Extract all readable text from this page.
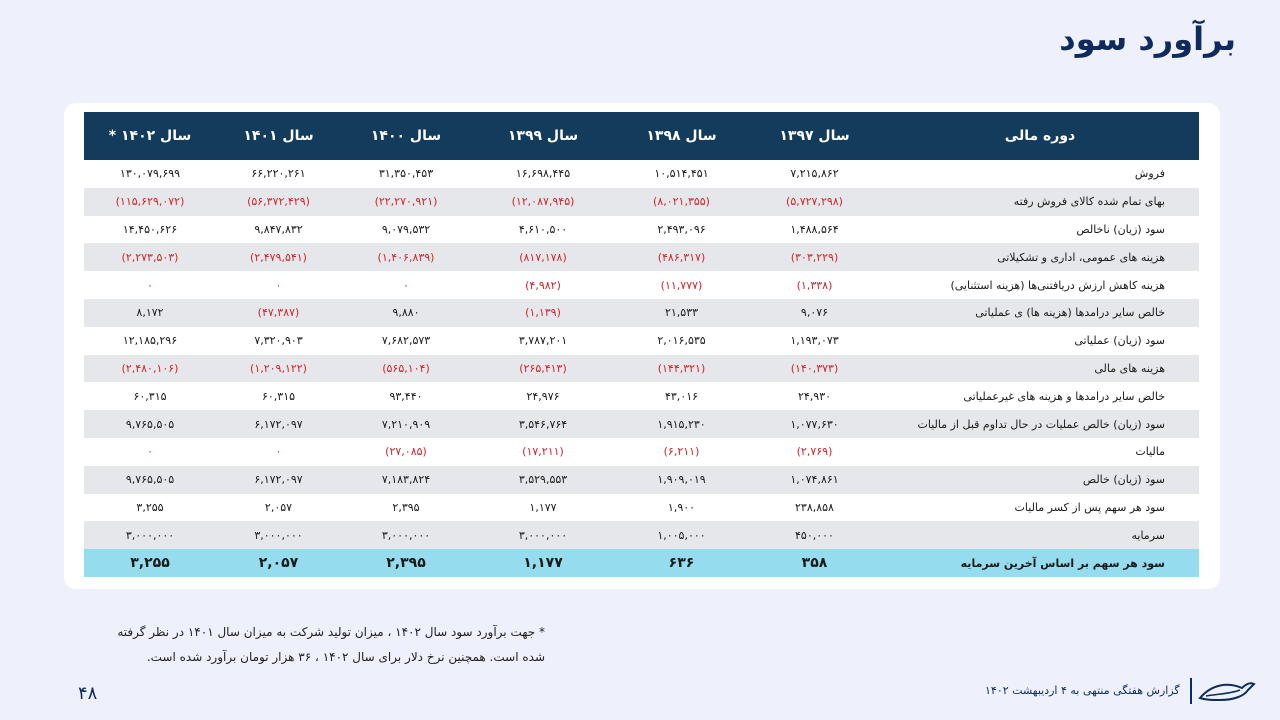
برآورد سود
دوره مالی	سال ۱۳۹۷	سال ۱۳۹۸	سال ۱۳۹۹	سال ۱۴۰۰	سال ۱۴۰۱	سال ۱۴۰۲ *
فروش	۷,۲۱۵,۸۶۲	۱۰,۵۱۴,۴۵۱	۱۶,۶۹۸,۴۴۵	۳۱,۳۵۰,۴۵۳	۶۶,۲۲۰,۲۶۱	۱۳۰,۰۷۹,۶۹۹
بهای تمام شده کالای فروش رفته	(۵,۷۲۷,۲۹۸)	(۸,۰۲۱,۳۵۵)	(۱۲,۰۸۷,۹۴۵)	(۲۲,۲۷۰,۹۲۱)	(۵۶,۳۷۲,۴۲۹)	(۱۱۵,۶۲۹,۰۷۲)
سود (زیان) ناخالص	۱,۴۸۸,۵۶۴	۲,۴۹۳,۰۹۶	۴,۶۱۰,۵۰۰	۹,۰۷۹,۵۳۲	۹,۸۴۷,۸۳۲	۱۴,۴۵۰,۶۲۶
هزینه های عمومی، اداری و تشکیلاتی	(۳۰۳,۲۲۹)	(۴۸۶,۳۱۷)	(۸۱۷,۱۷۸)	(۱,۴۰۶,۸۳۹)	(۲,۴۷۹,۵۴۱)	(۲,۲۷۳,۵۰۳)
هزینه کاهش ارزش دریافتنی‌ها (هزینه استثنایی)	(۱,۳۳۸)	(۱۱,۷۷۷)	(۴,۹۸۲)	۰	۰	۰
خالص سایر درامدها (هزینه ها) ی عملیاتی	۹,۰۷۶	۲۱,۵۳۳	(۱,۱۳۹)	۹,۸۸۰	(۴۷,۳۸۷)	۸,۱۷۲
سود (زیان) عملیاتی	۱,۱۹۳,۰۷۳	۲,۰۱۶,۵۳۵	۳,۷۸۷,۲۰۱	۷,۶۸۲,۵۷۳	۷,۳۲۰,۹۰۳	۱۲,۱۸۵,۲۹۶
هزینه های مالی	(۱۴۰,۳۷۳)	(۱۴۴,۳۲۱)	(۲۶۵,۴۱۳)	(۵۶۵,۱۰۴)	(۱,۲۰۹,۱۲۲)	(۲,۴۸۰,۱۰۶)
خالص سایر درامدها و هزینه های غیرعملیاتی	۲۴,۹۳۰	۴۳,۰۱۶	۲۴,۹۷۶	۹۳,۴۴۰	۶۰,۳۱۵	۶۰,۳۱۵
سود (زیان) خالص عملیات در حال تداوم قبل از مالیات	۱,۰۷۷,۶۳۰	۱,۹۱۵,۲۳۰	۳,۵۴۶,۷۶۴	۷,۲۱۰,۹۰۹	۶,۱۷۲,۰۹۷	۹,۷۶۵,۵۰۵
مالیات	(۲,۷۶۹)	(۶,۲۱۱)	(۱۷,۲۱۱)	(۲۷,۰۸۵)	۰	۰
سود (زیان) خالص	۱,۰۷۴,۸۶۱	۱,۹۰۹,۰۱۹	۳,۵۲۹,۵۵۳	۷,۱۸۳,۸۲۴	۶,۱۷۲,۰۹۷	۹,۷۶۵,۵۰۵
سود هر سهم پس از کسر مالیات	۲۳۸,۸۵۸	۱,۹۰۰	۱,۱۷۷	۲,۳۹۵	۲,۰۵۷	۳,۲۵۵
سرمایه	۴۵۰,۰۰۰	۱,۰۰۵,۰۰۰	۳,۰۰۰,۰۰۰	۳,۰۰۰,۰۰۰	۳,۰۰۰,۰۰۰	۳,۰۰۰,۰۰۰
سود هر سهم بر اساس آخرین سرمایه	۳۵۸	۶۳۶	۱,۱۷۷	۲,۳۹۵	۲,۰۵۷	۳,۲۵۵
* جهت برآورد سود سال ۱۴۰۲ ، میزان تولید شرکت به میزان سال ۱۴۰۱ در نظر گرفته
شده است. همچنین نرخ دلار برای سال ۱۴۰۲ ، ۳۶ هزار تومان برآورد شده است.
۴۸	گزارش هفتگی منتهی به ۴ اردیبهشت ۱۴۰۲
